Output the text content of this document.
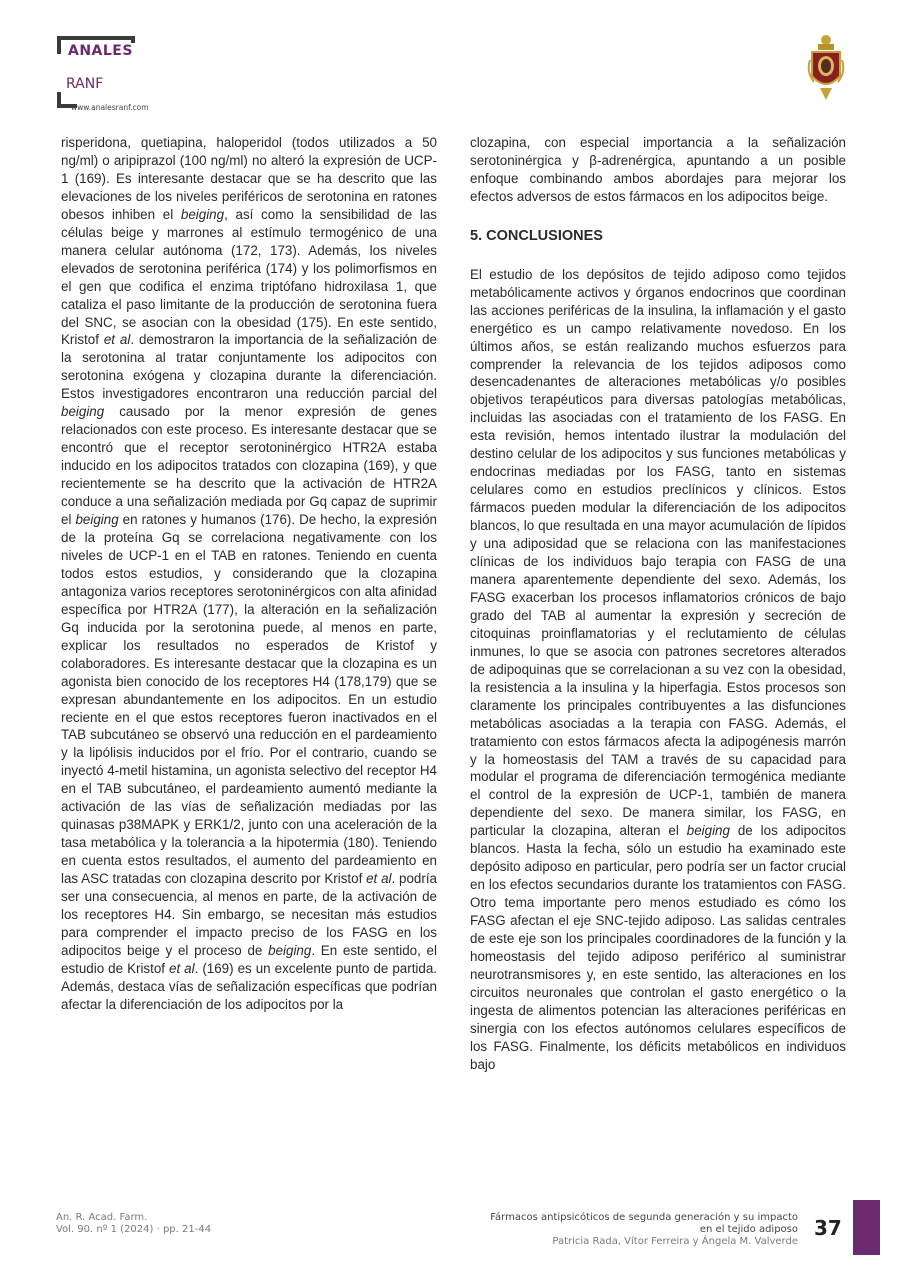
ANALES
RANF
www.analesranf.com

risperidona, quetiapina, haloperidol (todos utilizados a 50 ng/ml) o aripiprazol (100 ng/ml) no alteró la expresión de UCP-1 (169). Es interesante destacar que se ha descrito que las elevaciones de los niveles periféricos de serotonina en ratones obesos inhiben el beiging, así como la sensibilidad de las células beige y marrones al estímulo termogénico de una manera celular autónoma (172, 173). Además, los niveles elevados de serotonina periférica (174) y los polimorfismos en el gen que codifica el enzima triptófano hidroxilasa 1, que cataliza el paso limitante de la producción de serotonina fuera del SNC, se asocian con la obesidad (175). En este sentido, Kristof et al. demostraron la importancia de la señalización de la serotonina al tratar conjuntamente los adipocitos con serotonina exógena y clozapina durante la diferenciación. Estos investigadores encontraron una reducción parcial del beiging causado por la menor expresión de genes relacionados con este proceso. Es interesante destacar que se encontró que el receptor serotoninérgico HTR2A estaba inducido en los adipocitos tratados con clozapina (169), y que recientemente se ha descrito que la activación de HTR2A conduce a una señalización mediada por Gq capaz de suprimir el beiging en ratones y humanos (176). De hecho, la expresión de la proteína Gq se correlaciona negativamente con los niveles de UCP-1 en el TAB en ratones. Teniendo en cuenta todos estos estudios, y considerando que la clozapina antagoniza varios receptores serotoninérgicos con alta afinidad específica por HTR2A (177), la alteración en la señalización Gq inducida por la serotonina puede, al menos en parte, explicar los resultados no esperados de Kristof y colaboradores. Es interesante destacar que la clozapina es un agonista bien conocido de los receptores H4 (178,179) que se expresan abundantemente en los adipocitos. En un estudio reciente en el que estos receptores fueron inactivados en el TAB subcutáneo se observó una reducción en el pardeamiento y la lipólisis inducidos por el frío. Por el contrario, cuando se inyectó 4-metil histamina, un agonista selectivo del receptor H4 en el TAB subcutáneo, el pardeamiento aumentó mediante la activación de las vías de señalización mediadas por las quinasas p38MAPK y ERK1/2, junto con una aceleración de la tasa metabólica y la tolerancia a la hipotermia (180). Teniendo en cuenta estos resultados, el aumento del pardeamiento en las ASC tratadas con clozapina descrito por Kristof et al. podría ser una consecuencia, al menos en parte, de la activación de los receptores H4. Sin embargo, se necesitan más estudios para comprender el impacto preciso de los FASG en los adipocitos beige y el proceso de beiging. En este sentido, el estudio de Kristof et al. (169) es un excelente punto de partida. Además, destaca vías de señalización específicas que podrían afectar la diferenciación de los adipocitos por la

clozapina, con especial importancia a la señalización serotoninérgica y β-adrenérgica, apuntando a un posible enfoque combinando ambos abordajes para mejorar los efectos adversos de estos fármacos en los adipocitos beige.

5. CONCLUSIONES

El estudio de los depósitos de tejido adiposo como tejidos metabólicamente activos y órganos endocrinos que coordinan las acciones periféricas de la insulina, la inflamación y el gasto energético es un campo relativamente novedoso. En los últimos años, se están realizando muchos esfuerzos para comprender la relevancia de los tejidos adiposos como desencadenantes de alteraciones metabólicas y/o posibles objetivos terapéuticos para diversas patologías metabólicas, incluidas las asociadas con el tratamiento de los FASG. En esta revisión, hemos intentado ilustrar la modulación del destino celular de los adipocitos y sus funciones metabólicas y endocrinas mediadas por los FASG, tanto en sistemas celulares como en estudios preclínicos y clínicos. Estos fármacos pueden modular la diferenciación de los adipocitos blancos, lo que resultada en una mayor acumulación de lípidos y una adiposidad que se relaciona con las manifestaciones clínicas de los individuos bajo terapia con FASG de una manera aparentemente dependiente del sexo. Además, los FASG exacerban los procesos inflamatorios crónicos de bajo grado del TAB al aumentar la expresión y secreción de citoquinas proinflamatorias y el reclutamiento de células inmunes, lo que se asocia con patrones secretores alterados de adipoquinas que se correlacionan a su vez con la obesidad, la resistencia a la insulina y la hiperfagia. Estos procesos son claramente los principales contribuyentes a las disfunciones metabólicas asociadas a la terapia con FASG. Además, el tratamiento con estos fármacos afecta la adipogénesis marrón y la homeostasis del TAM a través de su capacidad para modular el programa de diferenciación termogénica mediante el control de la expresión de UCP-1, también de manera dependiente del sexo. De manera similar, los FASG, en particular la clozapina, alteran el beiging de los adipocitos blancos. Hasta la fecha, sólo un estudio ha examinado este depósito adiposo en particular, pero podría ser un factor crucial en los efectos secundarios durante los tratamientos con FASG. Otro tema importante pero menos estudiado es cómo los FASG afectan el eje SNC-tejido adiposo. Las salidas centrales de este eje son los principales coordinadores de la función y la homeostasis del tejido adiposo periférico al suministrar neurotransmisores y, en este sentido, las alteraciones en los circuitos neuronales que controlan el gasto energético o la ingesta de alimentos potencian las alteraciones periféricas en sinergia con los efectos autónomos celulares específicos de los FASG. Finalmente, los déficits metabólicos en individuos bajo

An. R. Acad. Farm.
Vol. 90. nº 1 (2024) · pp. 21-44
Fármacos antipsicóticos de segunda generación y su impacto
en el tejido adiposo
Patricia Rada, Vítor Ferreira y Ángela M. Valverde
37
